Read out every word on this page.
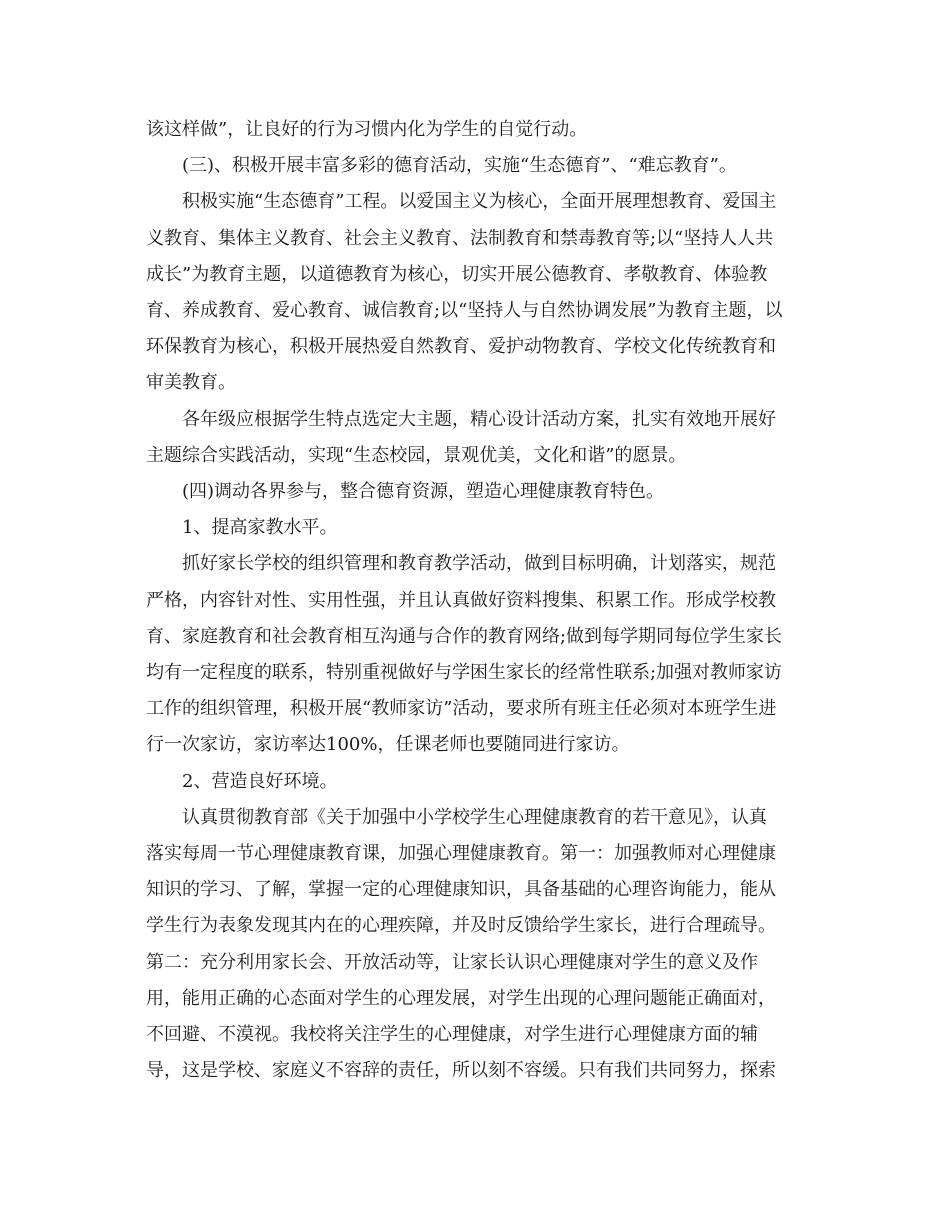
该这样做”，让良好的行为习惯内化为学生的自觉行动。

　　(三)、积极开展丰富多彩的德育活动，实施“生态德育”、“难忘教育”。

　　积极实施“生态德育”工程。以爱国主义为核心，全面开展理想教育、爱国主
义教育、集体主义教育、社会主义教育、法制教育和禁毒教育等;以“坚持人人共
成长”为教育主题，以道德教育为核心，切实开展公德教育、孝敬教育、体验教
育、养成教育、爱心教育、诚信教育;以“坚持人与自然协调发展”为教育主题，以
环保教育为核心，积极开展热爱自然教育、爱护动物教育、学校文化传统教育和
审美教育。

　　各年级应根据学生特点选定大主题，精心设计活动方案，扎实有效地开展好
主题综合实践活动，实现“生态校园，景观优美，文化和谐”的愿景。

　　(四)调动各界参与，整合德育资源，塑造心理健康教育特色。

　　1、提高家教水平。

　　抓好家长学校的组织管理和教育教学活动，做到目标明确，计划落实，规范
严格，内容针对性、实用性强，并且认真做好资料搜集、积累工作。形成学校教
育、家庭教育和社会教育相互沟通与合作的教育网络;做到每学期同每位学生家长
均有一定程度的联系，特别重视做好与学困生家长的经常性联系;加强对教师家访
工作的组织管理，积极开展“教师家访”活动，要求所有班主任必须对本班学生进
行一次家访，家访率达100%，任课老师也要随同进行家访。

　　2、营造良好环境。

　　认真贯彻教育部《关于加强中小学校学生心理健康教育的若干意见》，认真
落实每周一节心理健康教育课，加强心理健康教育。第一：加强教师对心理健康
知识的学习、了解，掌握一定的心理健康知识，具备基础的心理咨询能力，能从
学生行为表象发现其内在的心理疾障，并及时反馈给学生家长，进行合理疏导。
第二：充分利用家长会、开放活动等，让家长认识心理健康对学生的意义及作
用，能用正确的心态面对学生的心理发展，对学生出现的心理问题能正确面对，
不回避、不漠视。我校将关注学生的心理健康，对学生进行心理健康方面的辅
导，这是学校、家庭义不容辞的责任，所以刻不容缓。只有我们共同努力，探索
